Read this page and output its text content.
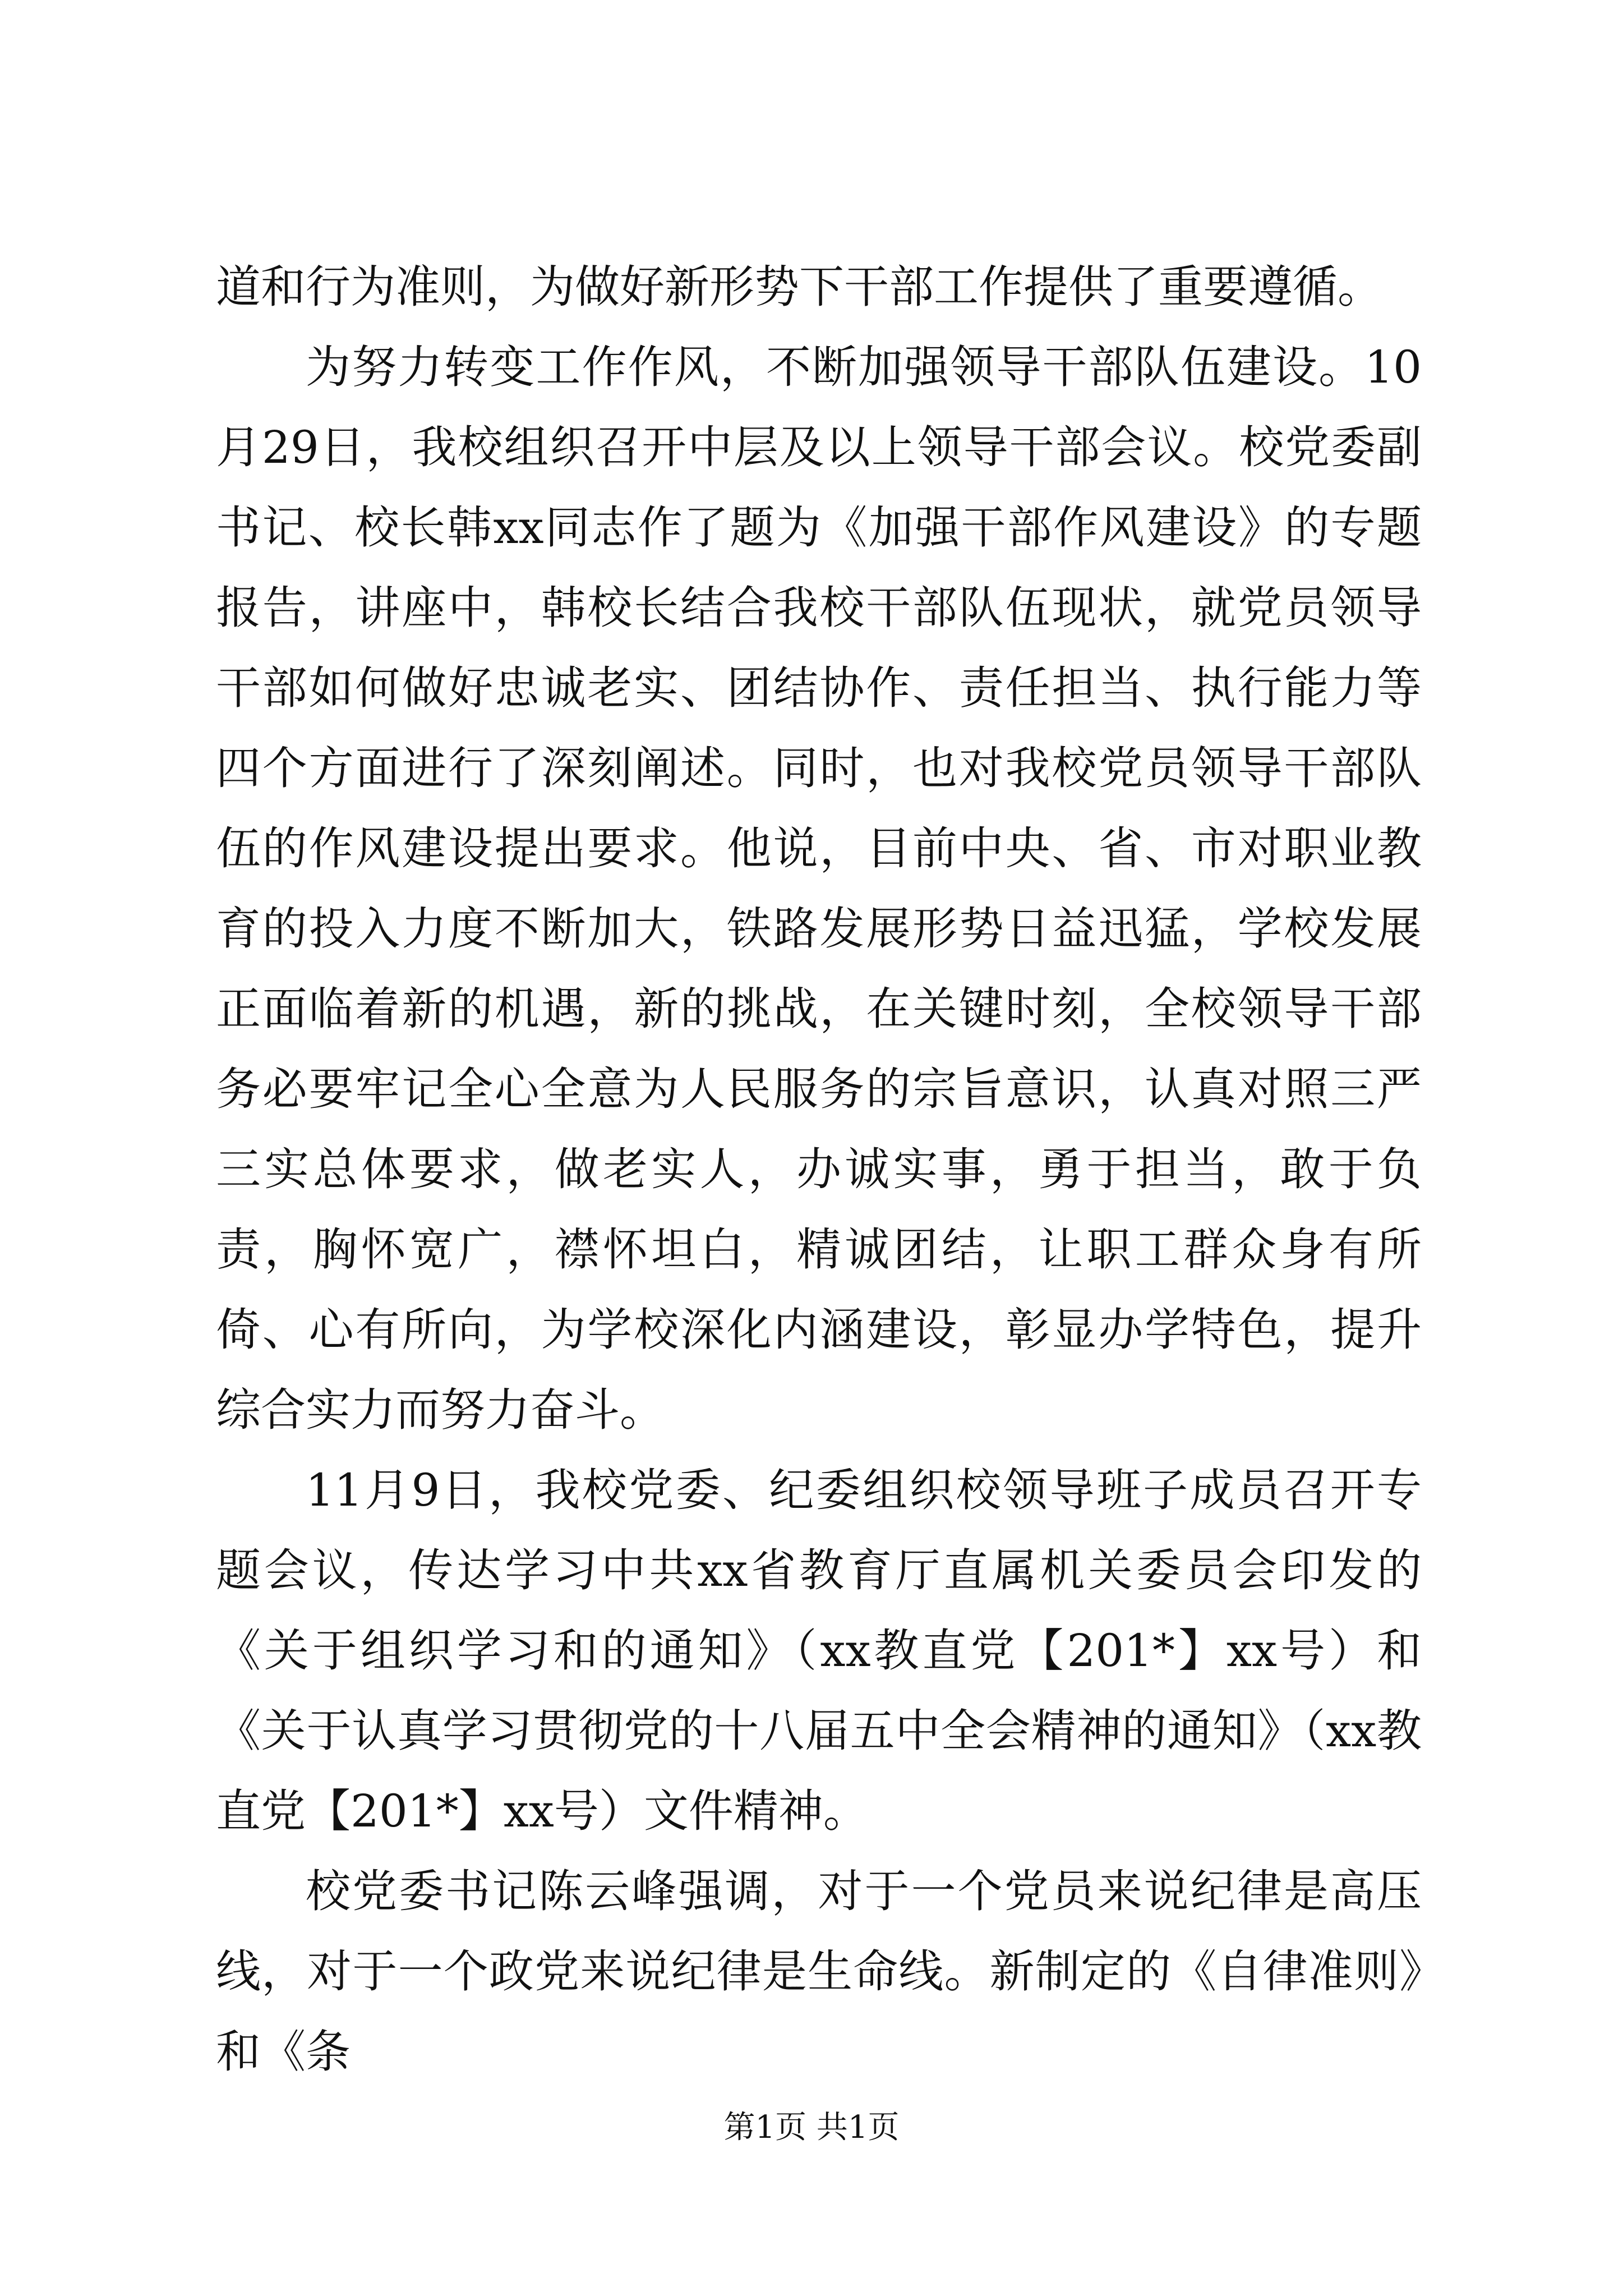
道和行为准则，为做好新形势下干部工作提供了重要遵循。

为努力转变工作作风，不断加强领导干部队伍建设。10月29日，我校组织召开中层及以上领导干部会议。校党委副书记、校长韩xx同志作了题为《加强干部作风建设》的专题报告，讲座中，韩校长结合我校干部队伍现状，就党员领导干部如何做好忠诚老实、团结协作、责任担当、执行能力等四个方面进行了深刻阐述。同时，也对我校党员领导干部队伍的作风建设提出要求。他说，目前中央、省、市对职业教育的投入力度不断加大，铁路发展形势日益迅猛，学校发展正面临着新的机遇，新的挑战，在关键时刻，全校领导干部务必要牢记全心全意为人民服务的宗旨意识，认真对照三严三实总体要求，做老实人，办诚实事，勇于担当，敢于负责，胸怀宽广，襟怀坦白，精诚团结，让职工群众身有所倚、心有所向，为学校深化内涵建设，彰显办学特色，提升综合实力而努力奋斗。

11月9日，我校党委、纪委组织校领导班子成员召开专题会议，传达学习中共xx省教育厅直属机关委员会印发的《关于组织学习和的通知》（xx教直党【201*】xx号）和《关于认真学习贯彻党的十八届五中全会精神的通知》（xx教直党【201*】xx号）文件精神。

校党委书记陈云峰强调，对于一个党员来说纪律是高压线，对于一个政党来说纪律是生命线。新制定的《自律准则》和《条

第1页 共1页
